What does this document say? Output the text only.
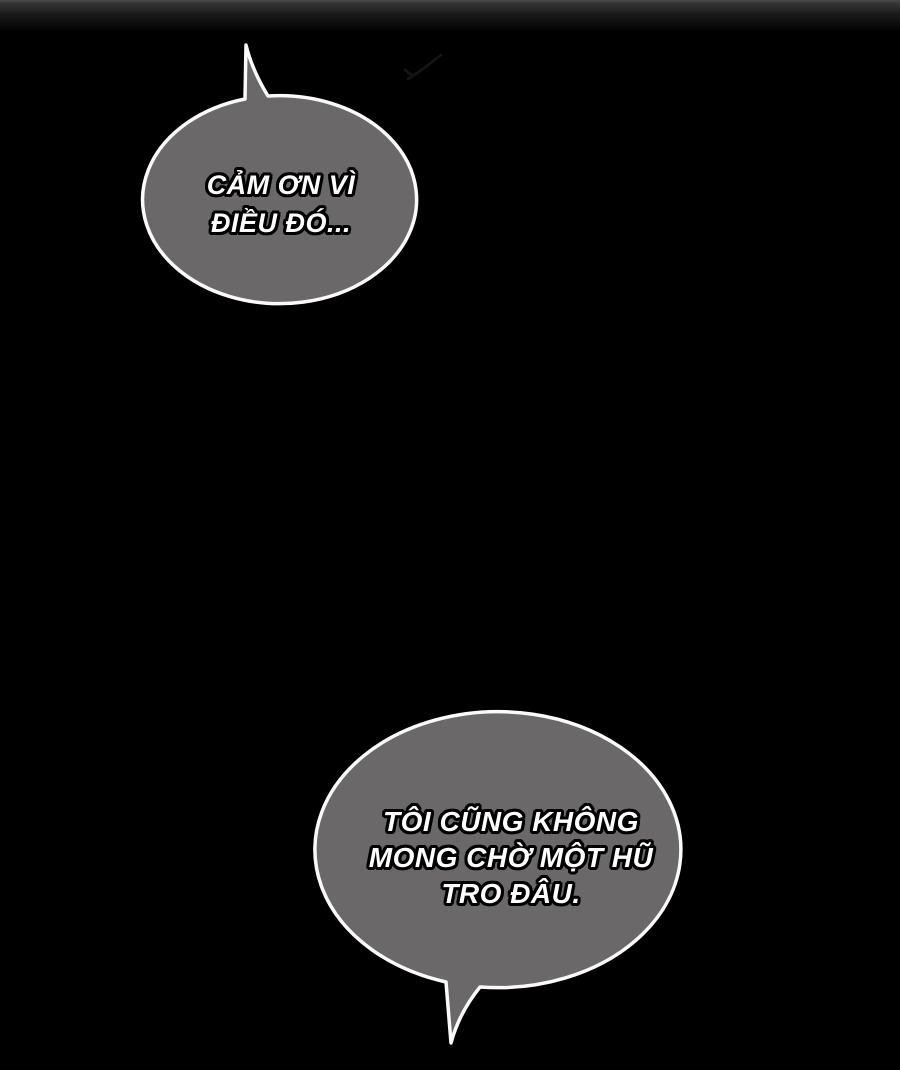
CẢM ƠN VÌ
ĐIỀU ĐÓ...
TÔI CŨNG KHÔNG
MONG CHỜ MỘT HŨ
TRO ĐÂU.
